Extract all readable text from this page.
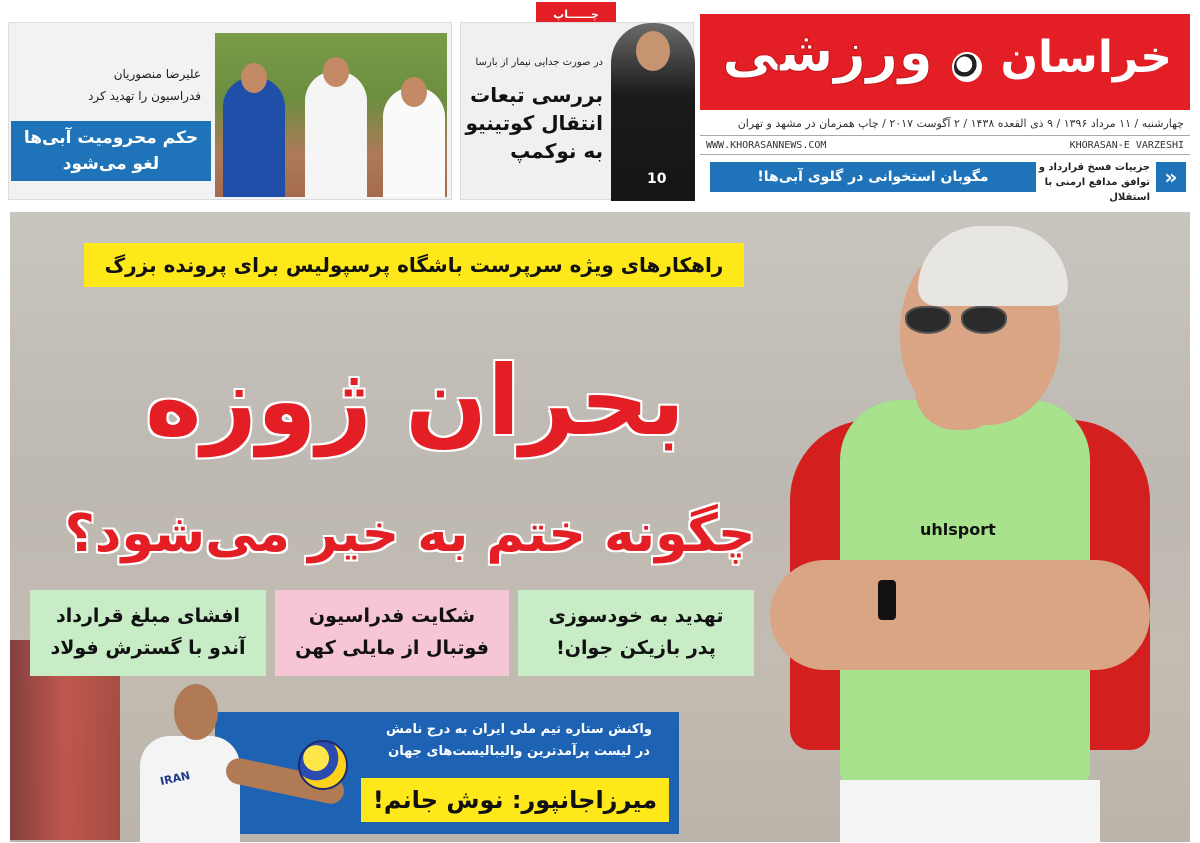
خراسان
ورزشی
چهارشنبه / ۱۱ مرداد ۱۳۹۶ / ۹ ذی القعده ۱۴۳۸ / ۲ آگوست ۲۰۱۷ / چاپ همزمان در مشهد و تهران
WWW.KHORASANNEWS.COM	KHORASAN-E VARZESHI
مگوبان استخوانی در گلوی آبی‌ها!
جزییات فسخ قرارداد و
توافق مدافع ارمنی با استقلال
«
چــــــاپ
10
در صورت جدایی نیمار از بارسا
بررسی تبعات
انتقال کوتینیو
به نوکمپ
علیرضا منصوریان
فدراسیون را تهدید کرد
حکم محرومیت آبی‌ها
لغو می‌شود
uhlsport
راهکارهای ویژه سرپرست باشگاه پرسپولیس برای پرونده بزرگ
بحران ژوزه
چگونه ختم به خیر می‌شود؟
تهدید به خودسوزی
پدر بازیکن جوان!
شکایت فدراسیون
فوتبال از مایلی کهن
افشای مبلغ قرارداد
آندو با گسترش فولاد
واکنش ستاره تیم ملی ایران به درج نامش
در لیست پرآمدترین والیبالیست‌های جهان
میرزاجانپور: نوش جانم!
IRAN
